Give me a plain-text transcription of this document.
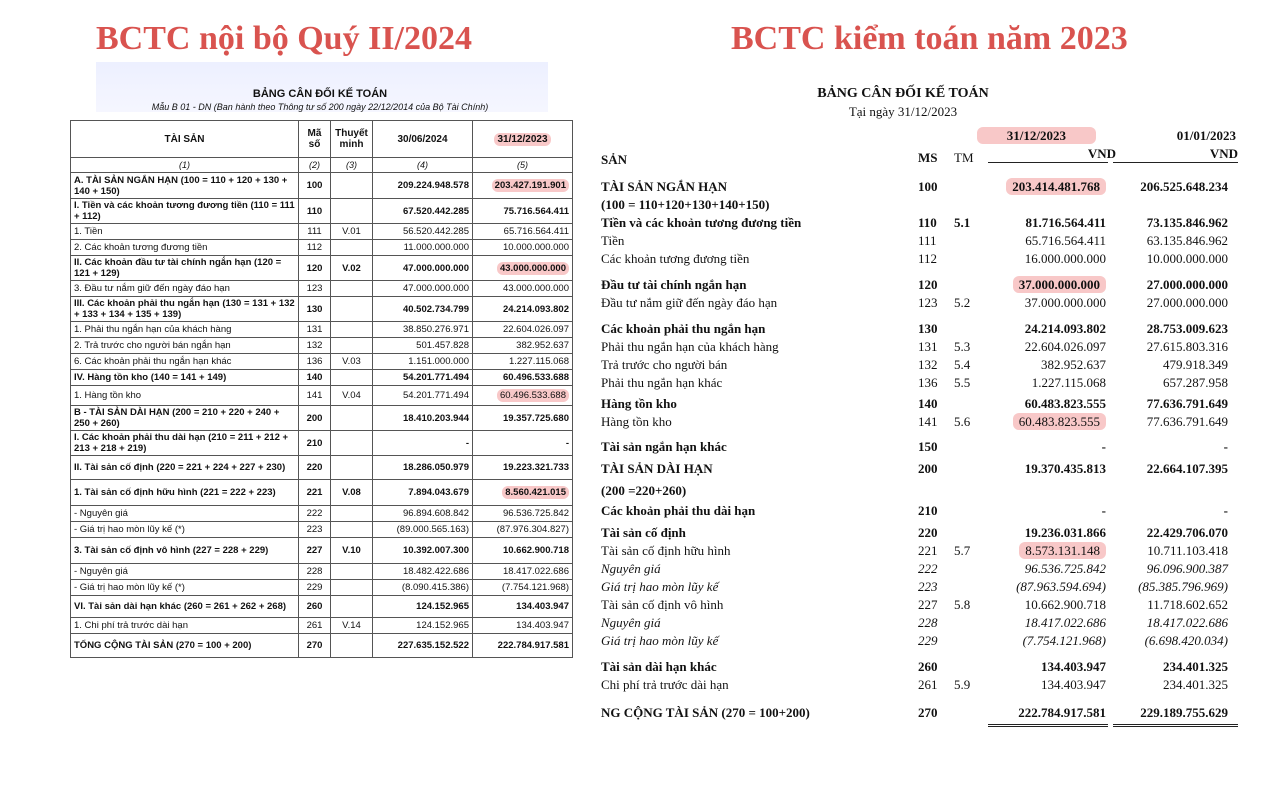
BCTC nội bộ Quý II/2024	BCTC kiểm toán năm 2023
BẢNG CÂN ĐỐI KẾ TOÁN
Mẫu B 01 - DN (Ban hành theo Thông tư số 200 ngày 22/12/2014 của Bộ Tài Chính)
TÀI SẢN	Mã số	Thuyết minh	30/06/2024	31/12/2023
(1)	(2)	(3)	(4)	(5)
A. TÀI SẢN NGẮN HẠN (100 = 110 + 120 + 130 + 140 + 150)	100		209.224.948.578	203.427.191.901
I. Tiền và các khoản tương đương tiền (110 = 111 + 112)	110		67.520.442.285	75.716.564.411
1. Tiền	111	V.01	56.520.442.285	65.716.564.411
2. Các khoản tương đương tiền	112		11.000.000.000	10.000.000.000
II. Các khoản đầu tư tài chính ngắn hạn (120 = 121 + 129)	120	V.02	47.000.000.000	43.000.000.000
3. Đầu tư nắm giữ đến ngày đáo hạn	123		47.000.000.000	43.000.000.000
III. Các khoản phải thu ngắn hạn (130 = 131 + 132 + 133 + 134 + 135 + 139)	130		40.502.734.799	24.214.093.802
1. Phải thu ngắn hạn của khách hàng	131		38.850.276.971	22.604.026.097
2. Trả trước cho người bán ngắn hạn	132		501.457.828	382.952.637
6. Các khoản phải thu ngắn hạn khác	136	V.03	1.151.000.000	1.227.115.068
IV. Hàng tồn kho (140 = 141 + 149)	140		54.201.771.494	60.496.533.688
1. Hàng tồn kho	141	V.04	54.201.771.494	60.496.533.688
B - TÀI SẢN DÀI HẠN (200 = 210 + 220 + 240 + 250 + 260)	200		18.410.203.944	19.357.725.680
I. Các khoản phải thu dài hạn (210 = 211 + 212 + 213 + 218 + 219)	210		-	-
II. Tài sản cố định (220 = 221 + 224 + 227 + 230)	220		18.286.050.979	19.223.321.733
1. Tài sản cố định hữu hình (221 = 222 + 223)	221	V.08	7.894.043.679	8.560.421.015
- Nguyên giá	222		96.894.608.842	96.536.725.842
- Giá trị hao mòn lũy kế (*)	223		(89.000.565.163)	(87.976.304.827)
3. Tài sản cố định vô hình (227 = 228 + 229)	227	V.10	10.392.007.300	10.662.900.718
- Nguyên giá	228		18.482.422.686	18.417.022.686
- Giá trị hao mòn lũy kế (*)	229		(8.090.415.386)	(7.754.121.968)
VI. Tài sản dài hạn khác (260 = 261 + 262 + 268)	260		124.152.965	134.403.947
1. Chi phí trả trước dài hạn	261	V.14	124.152.965	134.403.947
TỔNG CỘNG TÀI SẢN (270 = 100 + 200)	270		227.635.152.522	222.784.917.581
BẢNG CÂN ĐỐI KẾ TOÁN
Tại ngày 31/12/2023
SẢN	MS TM
31/12/2023	01/01/2023
VND	VND
TÀI SẢN NGẮN HẠN	100	203.414.481.768	206.525.648.234
(100 = 110+120+130+140+150)
Tiền và các khoản tương đương tiền	110 5.1	81.716.564.411	73.135.846.962
Tiền	111	65.716.564.411	63.135.846.962
Các khoản tương đương tiền	112	16.000.000.000	10.000.000.000
Đầu tư tài chính ngắn hạn	120	37.000.000.000	27.000.000.000
Đầu tư nắm giữ đến ngày đáo hạn	123 5.2	37.000.000.000	27.000.000.000
Các khoản phải thu ngắn hạn	130	24.214.093.802	28.753.009.623
Phải thu ngắn hạn của khách hàng	131 5.3	22.604.026.097	27.615.803.316
Trả trước cho người bán	132 5.4	382.952.637	479.918.349
Phải thu ngắn hạn khác	136 5.5	1.227.115.068	657.287.958
Hàng tồn kho	140	60.483.823.555	77.636.791.649
Hàng tồn kho	141 5.6	60.483.823.555	77.636.791.649
Tài sản ngắn hạn khác	150	-	-
TÀI SẢN DÀI HẠN	200	19.370.435.813	22.664.107.395
(200 =220+260)
Các khoản phải thu dài hạn	210	-	-
Tài sản cố định	220	19.236.031.866	22.429.706.070
Tài sản cố định hữu hình	221 5.7	8.573.131.148	10.711.103.418
Nguyên giá	222	96.536.725.842	96.096.900.387
Giá trị hao mòn lũy kế	223	(87.963.594.694) (85.385.796.969)
Tài sản cố định vô hình	227 5.8	10.662.900.718	11.718.602.652
Nguyên giá	228	18.417.022.686	18.417.022.686
Giá trị hao mòn lũy kế	229	(7.754.121.968)	(6.698.420.034)
Tài sản dài hạn khác	260	134.403.947	234.401.325
Chi phí trả trước dài hạn	261 5.9	134.403.947	234.401.325
NG CỘNG TÀI SẢN (270 = 100+200)	270	222.784.917.581	229.189.755.629
